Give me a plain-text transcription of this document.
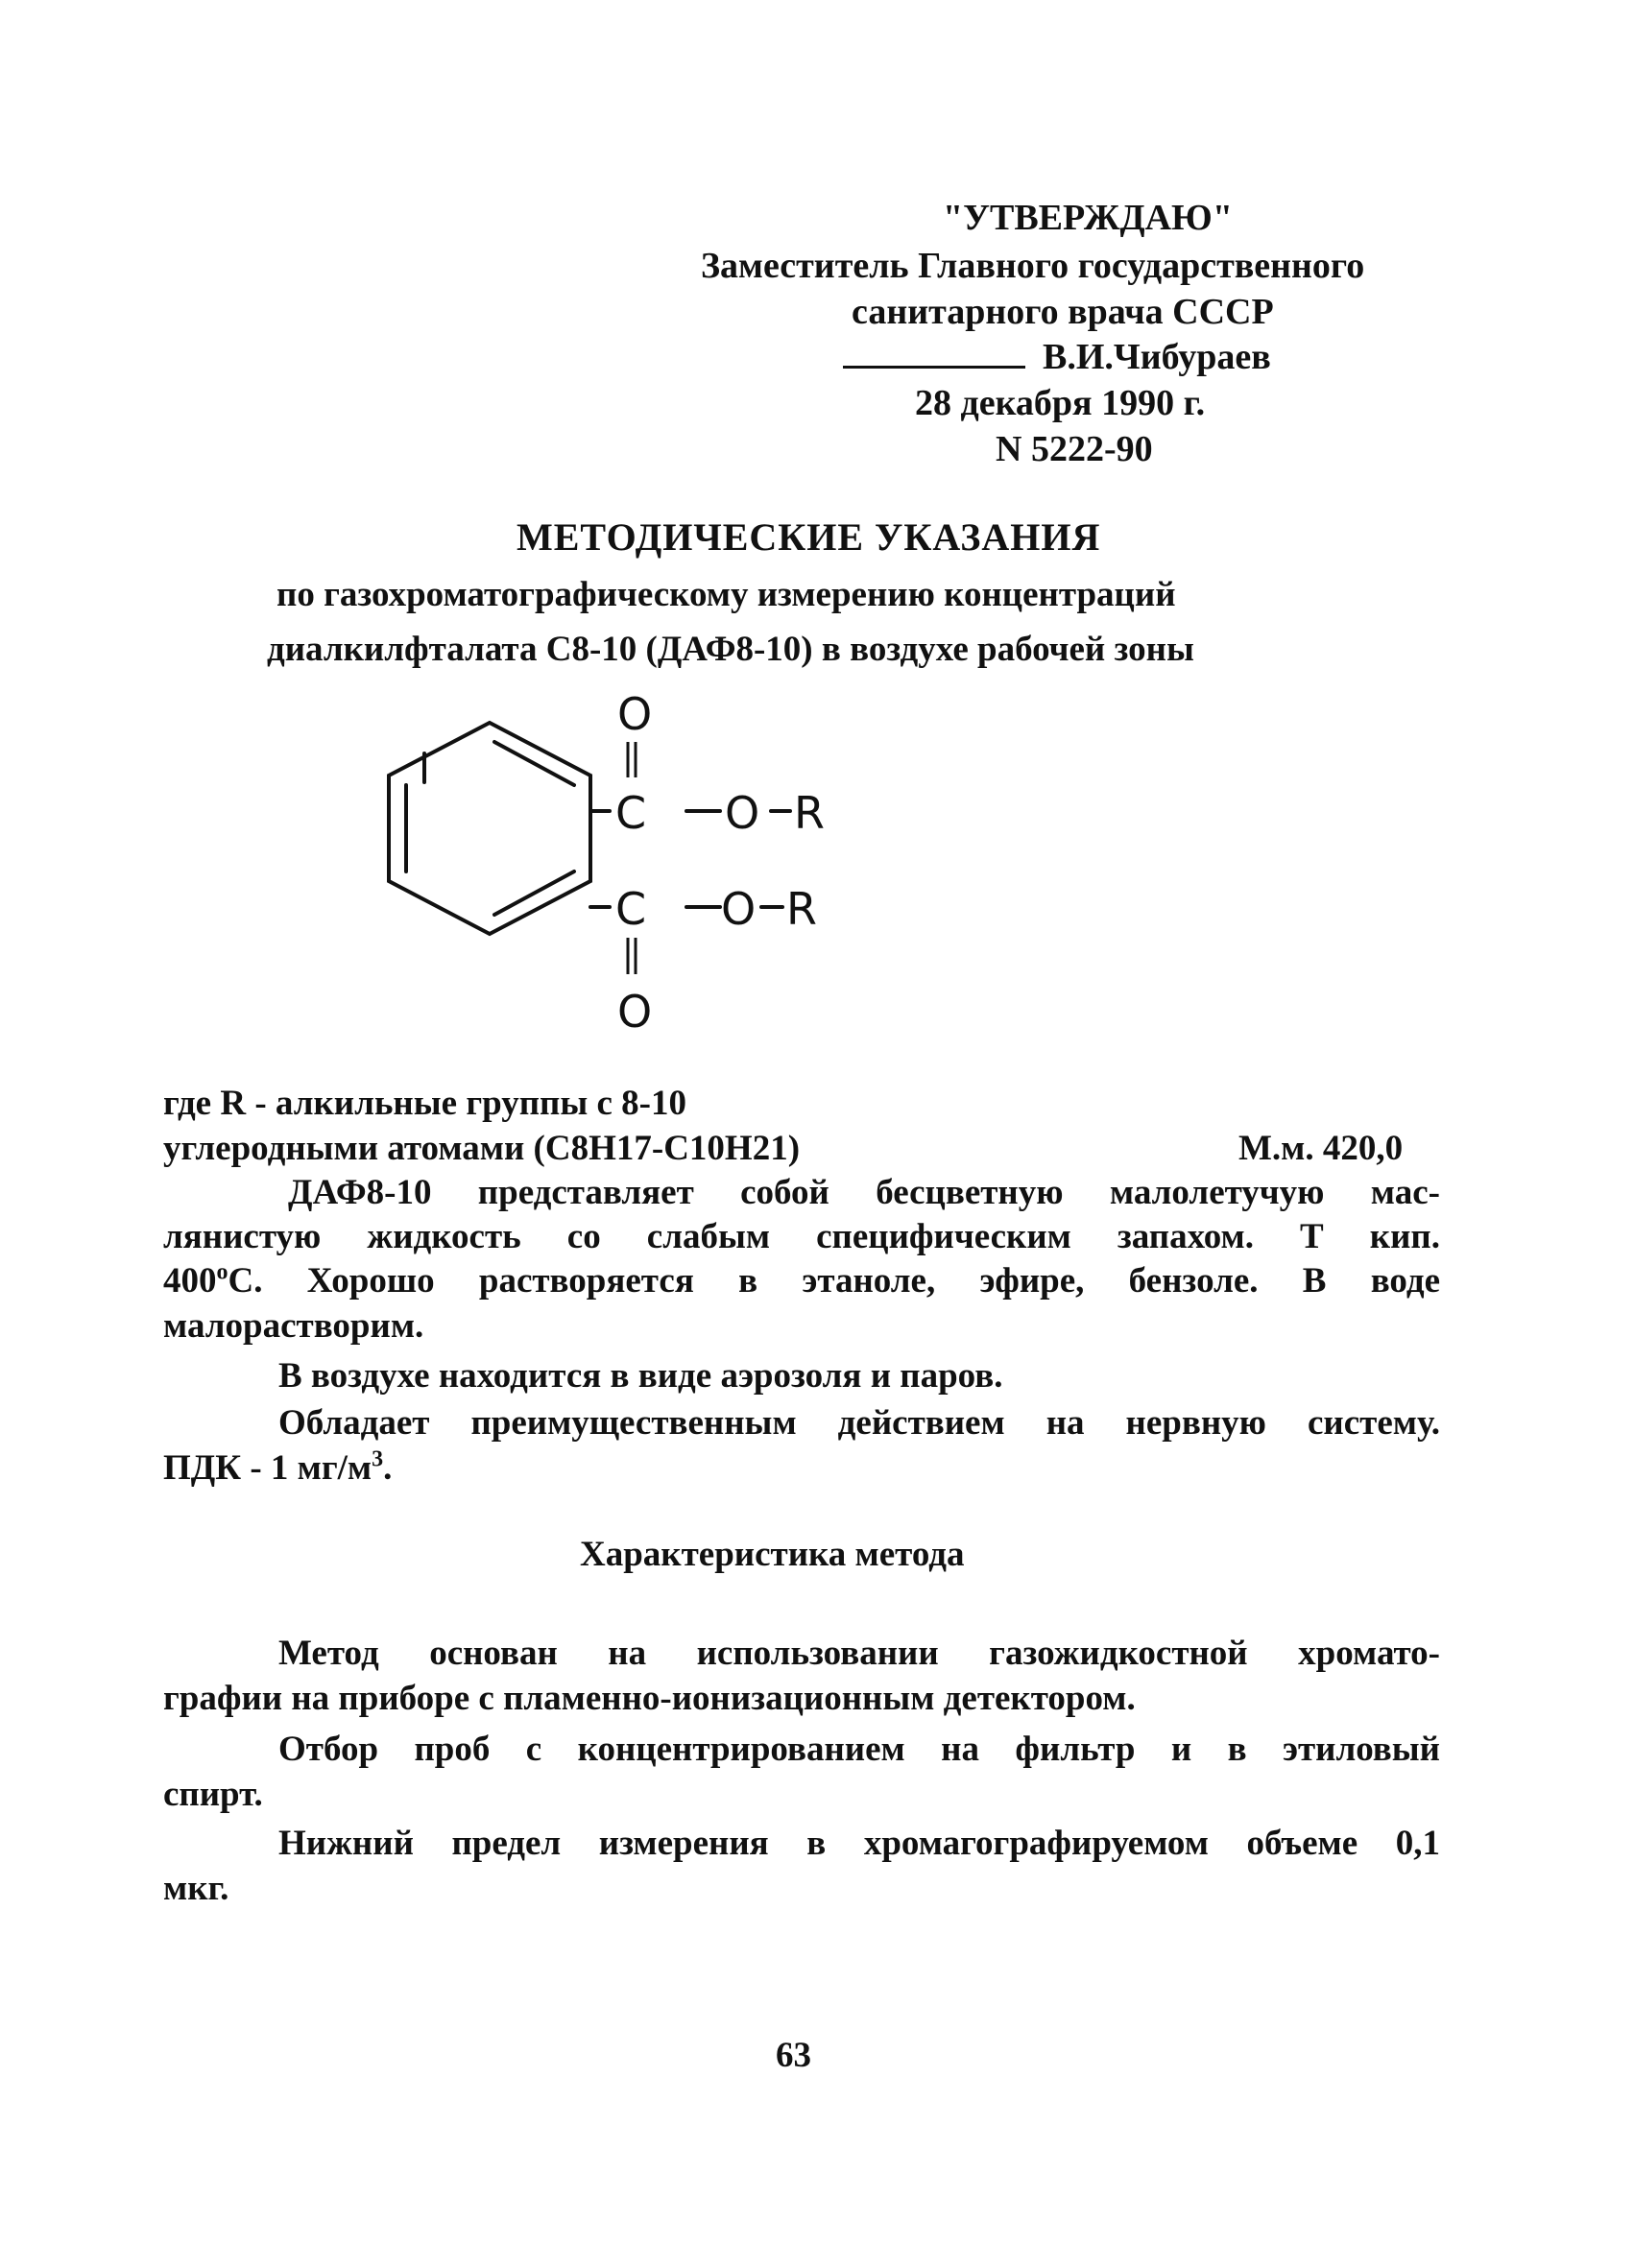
"УТВЕРЖДАЮ"
Заместитель Главного государственного
санитарного врача СССР
В.И.Чибураев
28 декабря 1990 г.
N 5222-90
МЕТОДИЧЕСКИЕ УКАЗАНИЯ
по газохроматографическому измерению концентраций
диалкилфталата С8-10 (ДАФ8-10) в воздухе рабочей зоны
O
C O R
C O R
O
где R - алкильные группы с 8-10
углеродными атомами (C8H17-C10H21)	М.м. 420,0
ДАФ8-10 представляет собой бесцветную малолетучую мас-
лянистую жидкость со слабым специфическим запахом. Т кип.
400$^o$С. Хорошо растворяется в этаноле, эфире, бензоле. В воде
малорастворим.
В воздухе находится в виде аэрозоля и паров.
Обладает преимущественным действием на нервную систему.
ПДК - 1 $мг/м^3$.
Характеристика метода
Метод основан на использовании газожидкостной хромато-
графии на приборе с пламенно-ионизационным детектором.
Отбор проб с концентрированием на фильтр и в этиловый
спирт.
Нижний предел измерения в хромагографируемом объеме 0,1
мкг.
63
